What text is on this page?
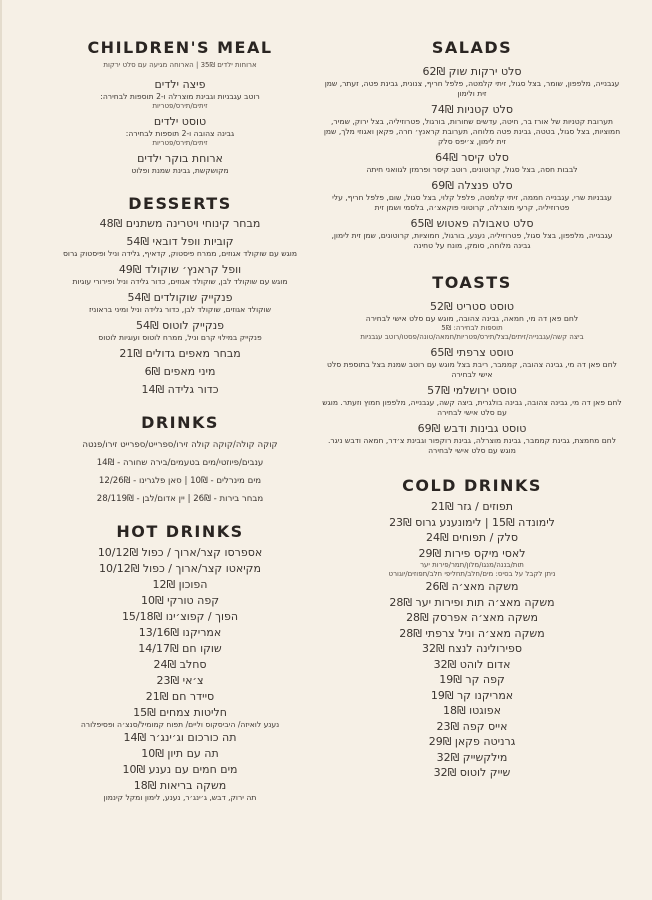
CHILDREN'S MEAL
ארוחות ילדים 35₪ | הארוחה מגיעה עם סלט ירקות
פיצה ילדים
רוטב עגבניות וגבינת מוצרלה ו-2 תוספות לבחירה:
זיתים/תירס/פטריות
טוסט ילדים
גבינה צהובה ו-2 תוספות לבחירה:
זיתים/תירס/פטריות
ארוחת בוקר ילדים
מקושקשת, גבינת שמנת ופלוט
DESSERTS
מבחר קינוחי ויטרינה משתנים 48₪
קוביות וופל דובאי 54₪
מוגש עם שוקולד אגוזים, ממרח פיסטוק, קדאיף, גלידה וניל ופיסטוק גרוס
וופל קראנץ׳ שוקולד 49₪
מוגש עם שוקולד לבן, שוקולד אגוזים, כדור גלידה וניל ופירורי עוגיות
פנקייק שוקולדים 54₪
שוקולד אגוזים, שוקולד לבן, כדור גלידה וניל ומיני בראוניז
פנקייק לוטוס 54₪
פנקייק במילוי קרם וניל, ממרח לוטוס ועוגיות לוטוס
מבחר מאפים גדולים 21₪
מיני מאפים 6₪
כדור גלידה 14₪
DRINKS
קוקה קולה/קוקה קולה זירו/ספרייט/ספרייט זירו/פנטה
ענבים/פיוזטי/מים בטעמים/בירה שחורה - 14₪
מים מינרלים - 10₪ | סאן פלגרינו - 12/26₪
מבחר בירות - 26₪ | יין אדום/לבן - 28/119₪
HOT DRINKS
אספרסו קצר/ארוך / כפול 10/12₪
מקיאטו קצר/ארוך / כפול 10/12₪
הפוכון 12₪
קפה טורקי 10₪
הפוך / קפוצ׳ינו 15/18₪
אמריקנו 13/16₪
שוקו חם 14/17₪
סחלב 24₪
צ׳אי 23₪
סיידר חם 21₪
חליטות צמחים 15₪
נענע לואיזה/ היביסקוס וליים/ תפוח קמומיל/סנצ׳ה ופסיפלורה
תה כורכום וג׳ינג׳ר 14₪
תה עם תיון 10₪
מים חמים עם נענע 10₪
משקה בריאות 18₪
תה ירוק, דבש, ג׳ינג׳ר, נענע, לימון ומקל קינמון
SALADS
סלט ירקות שוק 62₪
עגבנייה, מלפפון, שומר, בצל סגול, זיתי קלמטה, פלפל חריף, צנונית, גבינת פטה, זעתר, שמן זית ולימון
סלט קטניות 74₪
תערובת קטניות של אורז בר, חיטה, עדשים שחורות, בורגול, פטרוזיליה, בצל ירוק, שמיר, חמוציות, בצל סגול, בטטה, גבינת פטה מלוחה, תערובת קראנץ׳ חרה, פקאן ואגוזי מלך, שמן זית לימון, צ׳יפס סלק
סלט קיסר 64₪
לבבות חסה, בצל סגול, קרוטונים, רוטב קיסר ופרמזן לגוואני חיתה
סלט פנצלה 69₪
עגבניות שרי, עגבנייה חממה, זיתי קלמטה, פלפל קלוי, בצל סגול, שום, פלפל חריף, עלי פטרוזיליה, קרעי מוצרלה, קרוטוני פוקאצ׳ה, בלסמי ושמן זית
סלט טאבולה פאטוש 65₪
עגבנייה, מלפפון, בצל סגול, פטרוזיליה, נענע, בורגול, חמוציות, קרוטונים, שמן זית לימון, גבינה מלוחה, סומק, מונח על טחינה
TOASTS
טוסט סטריט 52₪
לחם פאן דה מי, חמאה, גבינה צהובה, מוגש עם סלט אישי לבחירה
תוספות לבחירה: 5₪
ביצה קשה/עגבנייה/זיתים/בצל/תירס/פטריות/חמאה/טונה/פסטו/רוטב עגבניות
טוסט צרפתי 65₪
לחם פאן דה מי, גבינה צהובה, קממבר, ריבת בצל מוגש עם רוטב שמנת בצל בתוספת סלט אישי לבחירה
טוסט ירושלמי 57₪
לחם פאן דה מי, גבינה צהובה, גבינה בולגרית, ביצה קשה, עגבנייה, מלפפון חמוץ וזעתר. מוגש עם סלט אישי לבחירה
טוסט גבינות ודבש 69₪
לחם מחמצת, גבינת קממבר, גבינת מוצרלה, גבינת רוקפור וגבינת צ׳דר, חמאה ודבש ניגר. מוגש עם סלט אישי לבחירה
COLD DRINKS
תפוזים / גזר 21₪
לימונדה 15₪ | לימונענע גרוס 23₪
סלק / תפוחים 24₪
לאסי מיקס פירות 29₪
תות/בננה/מנגו/מלון/תמר/פירות יער
ניתן לקבל על בסיס: מים/חלב/תחליפי חלב/תפוזים/יוגורט
משקה מאצ׳ה 26₪
משקה מאצ׳ה תות ופירות יער 28₪
משקה מאצ׳ה אפרסק 28₪
משקה מאצ׳ה וניל צרפתי 28₪
ספירולינה לנצח 32₪
אדום לוהט 32₪
קפה קר 19₪
אמריקנו קר 19₪
אפוגטו 18₪
אייס קפה 23₪
גרניטה פקאן 29₪
מילקשייק 32₪
שייק לוטוס 32₪
